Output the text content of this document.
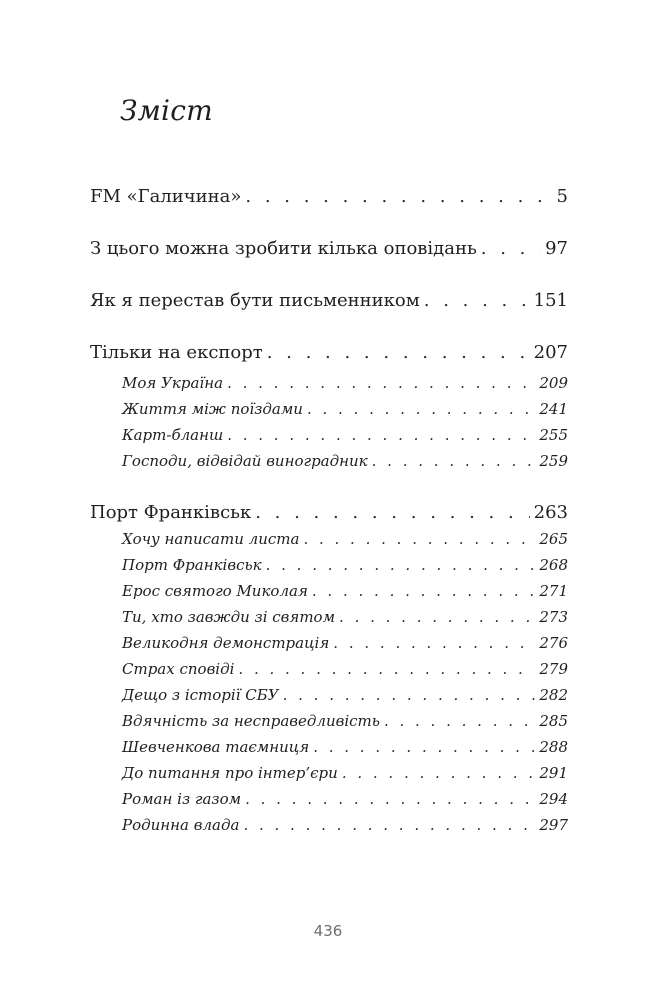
Зміст
FM «Галичина» . . .	5
З цього можна зробити кілька оповідань . . .	97
Як я перестав бути письменником . . .	151
Тільки на експорт . . .	207
Моя Україна . . .	209
Життя між поїздами . . .	241
Карт-бланш . . .	255
Господи, відвідай виноградник . . .	259
Порт Франківськ . . .	263
Хочу написати листа . . .	265
Порт Франківськ . . .	268
Ерос святого Миколая . . .	271
Ти, хто завжди зі святом . . .	273
Великодня демонстрація . . .	276
Страх сповіді . . .	279
Дещо з історії СБУ . . .	282
Вдячність за несправедливість . . .	285
Шевченкова таємниця . . .	288
До питання про інтер’єри . . .	291
Роман із газом . . .	294
Родинна влада . . .	297
436
